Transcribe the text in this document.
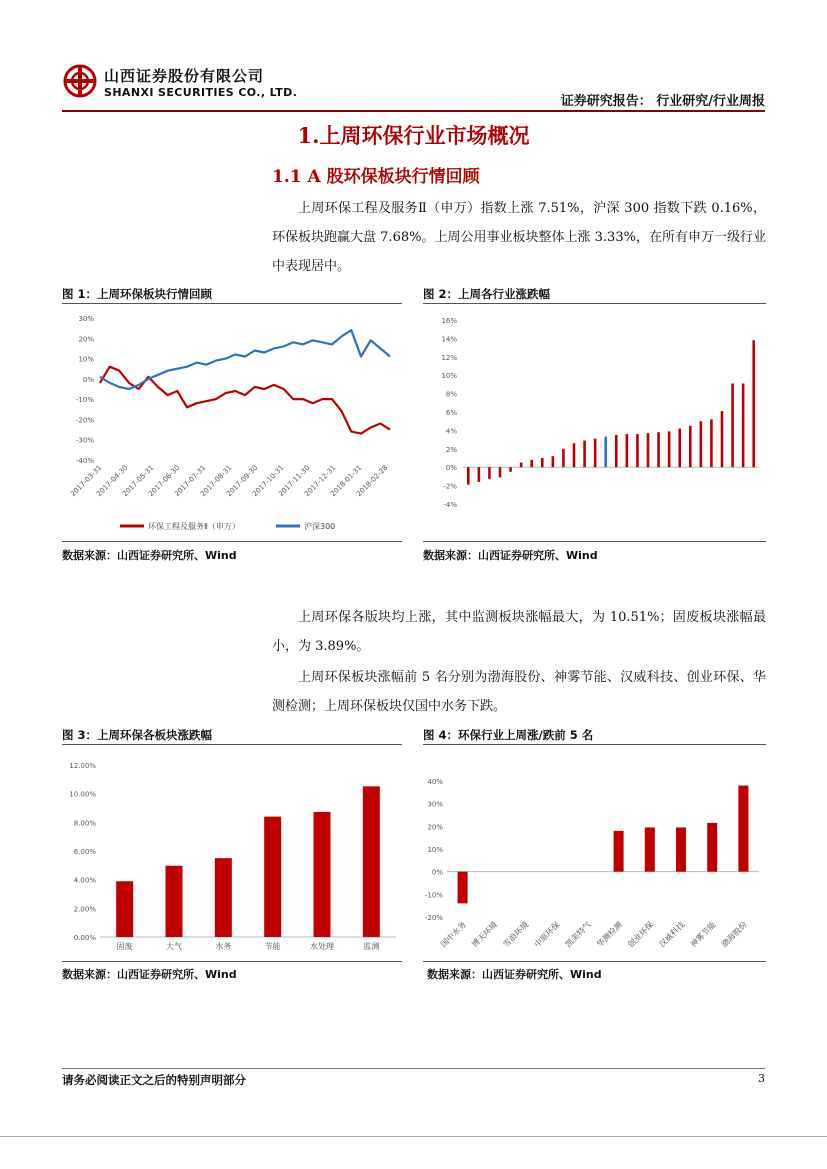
山西证券股份有限公司
SHANXI SECURITIES CO., LTD.
证券研究报告： 行业研究/行业周报
1.上周环保行业市场概况
1.1 A 股环保板块行情回顾
上周环保工程及服务Ⅱ（申万）指数上涨 7.51%，沪深 300 指数下跌 0.16%，环保板块跑赢大盘 7.68%。上周公用事业板块整体上涨 3.33%，在所有申万一级行业中表现居中。
图 1：上周环保板块行情回顾
30%
20%
10%
0%
-10%
-20%
-30%
-40%
2017-03-31
2017-04-30
2017-05-31
2017-06-30
2017-07-31
2017-08-31
2017-09-30
2017-10-31
2017-11-30
2017-12-31
2018-01-31
2018-02-28
环保工程及服务Ⅱ（申万）	沪深300
数据来源：山西证券研究所、Wind
图 2：上周各行业涨跌幅
16%
14%
12%
10%
8%
6%
4%
2%
0%
-2%
-4%
数据来源：山西证券研究所、Wind
上周环保各版块均上涨，其中监测板块涨幅最大，为 10.51%；固废板块涨幅最小，为 3.89%。
上周环保板块涨幅前 5 名分别为渤海股份、神雾节能、汉威科技、创业环保、华测检测；上周环保板块仅国中水务下跌。
图 3：上周环保各板块涨跌幅
12.00%
10.00%
8.00%
6.00%
4.00%
2.00%
0.00%
固废	大气	水务	节能	水处理	监测
数据来源：山西证券研究所、Wind
图 4：环保行业上周涨/跌前 5 名
40%
30%
20%
10%
0%
-10%
-20%
国中水务 博天环境 雪浪环境 中原环保 凯美特气 华测检测 创业环保 汉威科技 神雾节能 渤海股份
数据来源：山西证券研究所、Wind
请务必阅读正文之后的特别声明部分	3
